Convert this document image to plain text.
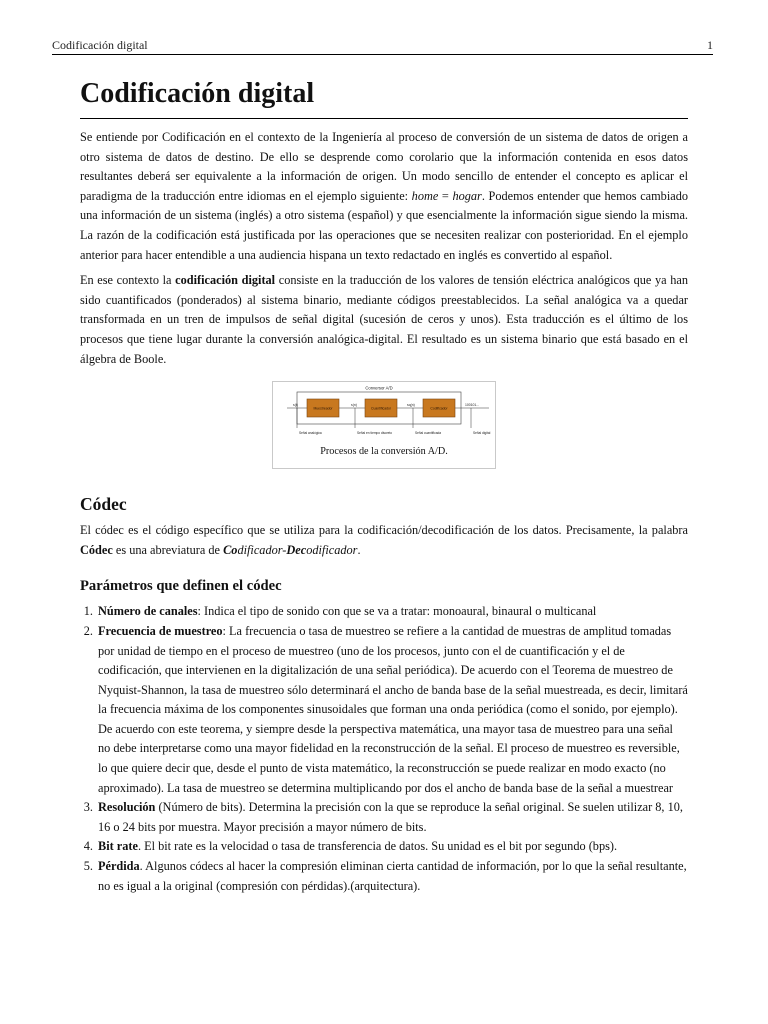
Codificación digital	1
Codificación digital

Se entiende por Codificación en el contexto de la Ingeniería al proceso de conversión de un sistema de datos de origen a otro sistema de datos de destino. De ello se desprende como corolario que la información contenida en esos datos resultantes deberá ser equivalente a la información de origen. Un modo sencillo de entender el concepto es aplicar el paradigma de la traducción entre idiomas en el ejemplo siguiente: home = hogar. Podemos entender que hemos cambiado una información de un sistema (inglés) a otro sistema (español) y que esencialmente la información sigue siendo la misma. La razón de la codificación está justificada por las operaciones que se necesiten realizar con posterioridad. En el ejemplo anterior para hacer entendible a una audiencia hispana un texto redactado en inglés es convertido al español.

En ese contexto la codificación digital consiste en la traducción de los valores de tensión eléctrica analógicos que ya han sido cuantificados (ponderados) al sistema binario, mediante códigos preestablecidos. La señal analógica va a quedar transformada en un tren de impulsos de señal digital (sucesión de ceros y unos). Esta traducción es el último de los procesos que tiene lugar durante la conversión analógica-digital. El resultado es un sistema binario que está basado en el álgebra de Boole.

Conversor A/D
Muestreador	Cuantificador	Codificador
s(t)	s(n)	sq(n)	100101...
Señal analógica	Señal en tiempo discreto	Señal cuantificada	Señal digital
Procesos de la conversión A/D.
Códec

El códec es el código específico que se utiliza para la codificación/decodificación de los datos. Precisamente, la palabra Códec es una abreviatura de Codificador-Decodificador.

Parámetros que definen el códec
1. Número de canales: Indica el tipo de sonido con que se va a tratar: monoaural, binaural o multicanal
2. Frecuencia de muestreo: La frecuencia o tasa de muestreo se refiere a la cantidad de muestras de amplitud tomadas por unidad de tiempo en el proceso de muestreo (uno de los procesos, junto con el de cuantificación y el de codificación, que intervienen en la digitalización de una señal periódica). De acuerdo con el Teorema de muestreo de Nyquist-Shannon, la tasa de muestreo sólo determinará el ancho de banda base de la señal muestreada, es decir, limitará la frecuencia máxima de los componentes sinusoidales que forman una onda periódica (como el sonido, por ejemplo). De acuerdo con este teorema, y siempre desde la perspectiva matemática, una mayor tasa de muestreo para una señal no debe interpretarse como una mayor fidelidad en la reconstrucción de la señal. El proceso de muestreo es reversible, lo que quiere decir que, desde el punto de vista matemático, la reconstrucción se puede realizar en modo exacto (no aproximado). La tasa de muestreo se determina multiplicando por dos el ancho de banda base de la señal a muestrear
3. Resolución (Número de bits). Determina la precisión con la que se reproduce la señal original. Se suelen utilizar 8, 10, 16 o 24 bits por muestra. Mayor precisión a mayor número de bits.
4. Bit rate. El bit rate es la velocidad o tasa de transferencia de datos. Su unidad es el bit por segundo (bps).
5. Pérdida. Algunos códecs al hacer la compresión eliminan cierta cantidad de información, por lo que la señal resultante, no es igual a la original (compresión con pérdidas).(arquitectura).
